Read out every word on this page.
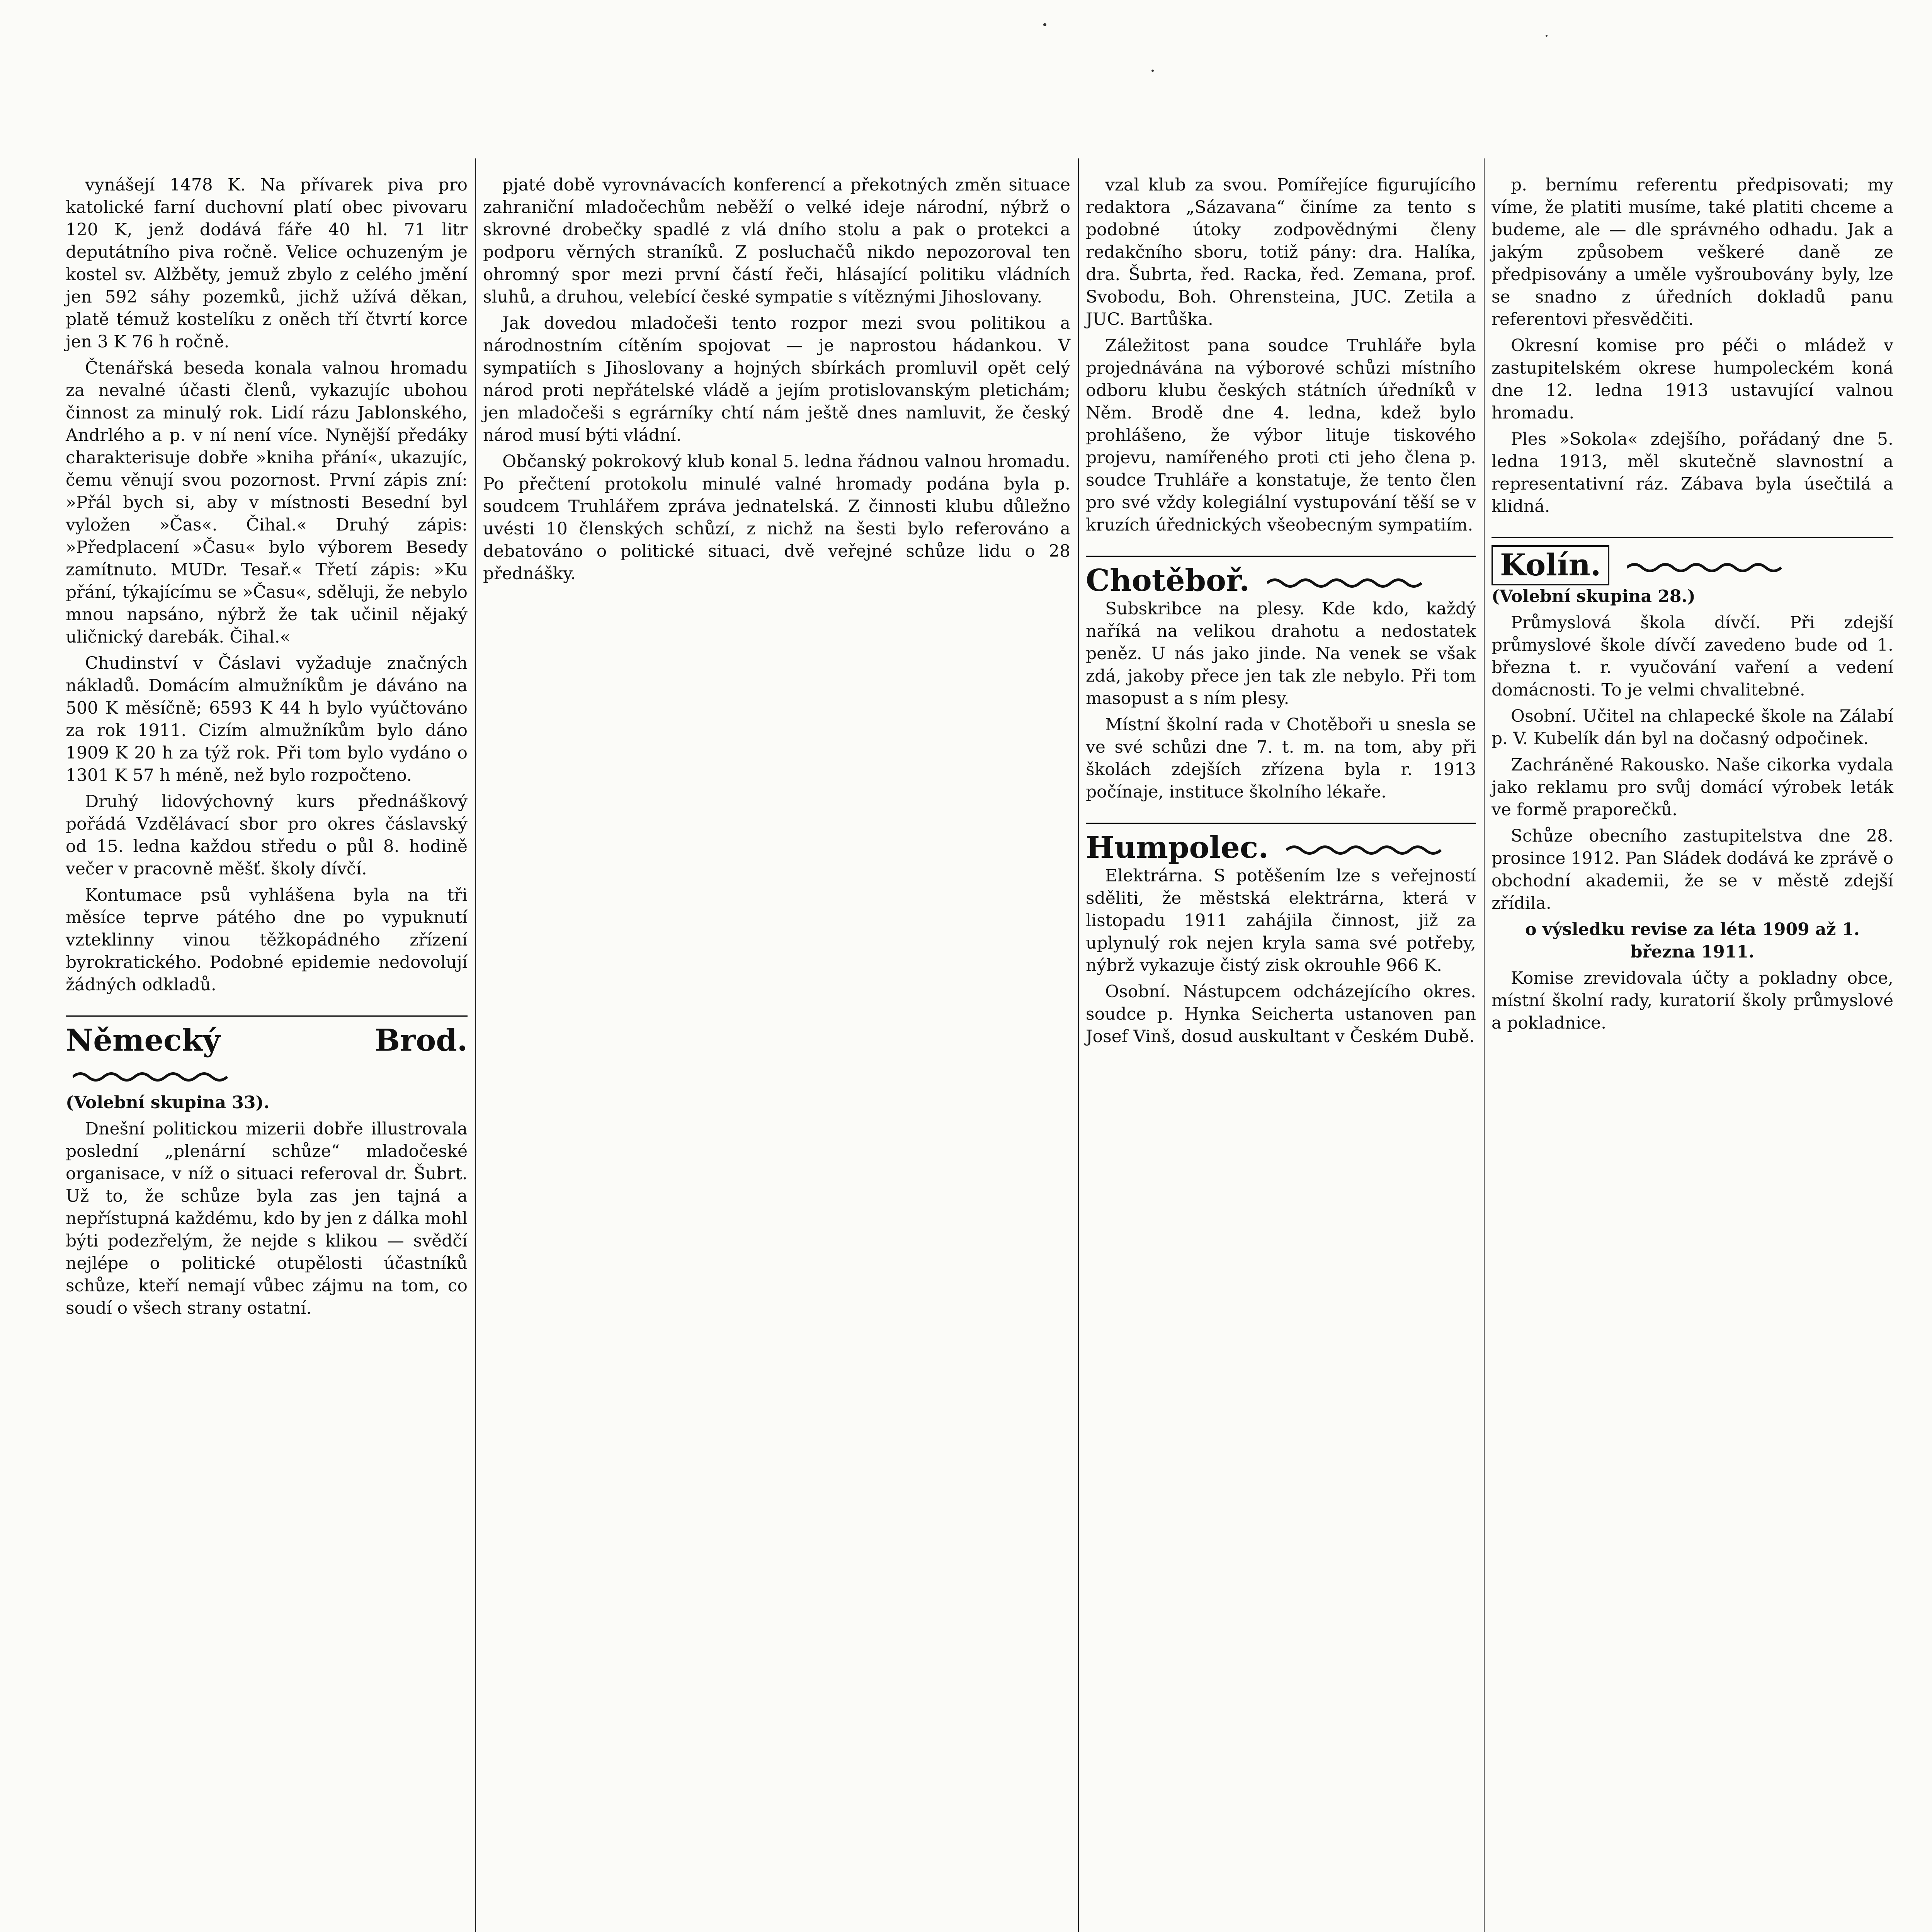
vynášejí 1478 K. Na přívarek piva pro katolické farní duchovní platí obec pivovaru 120 K, jenž dodává fáře 40 hl. 71 litr deputátního piva ročně. Velice ochuzeným je kostel sv. Alžběty, jemuž zbylo z celého jmění jen 592 sáhy pozemků, jichž užívá děkan, platě témuž kostelíku z oněch tří čtvrtí korce jen 3 K 76 h ročně.

Čtenářská beseda konala valnou hromadu za nevalné účasti členů, vykazujíc ubohou činnost za minulý rok. Lidí rázu Jablonského, Andrlého a p. v ní není více. Nynější předáky charakterisuje dobře »kniha přání«, ukazujíc, čemu věnují svou pozornost. První zápis zní: »Přál bych si, aby v místnosti Besední byl vyložen »Čas«. Čihal.« Druhý zápis: »Předplacení »Času« bylo výborem Besedy zamítnuto. MUDr. Tesař.« Třetí zápis: »Ku přání, týkajícímu se »Času«, sděluji, že nebylo mnou napsáno, nýbrž že tak učinil nějaký uličnický darebák. Čihal.«

Chudinství v Čáslavi vyžaduje značných nákladů. Domácím almužníkům je dáváno na 500 K měsíčně; 6593 K 44 h bylo vyúčtováno za rok 1911. Cizím almužníkům bylo dáno 1909 K 20 h za týž rok. Při tom bylo vydáno o 1301 K 57 h méně, než bylo rozpočteno.

Druhý lidovýchovný kurs přednáškový pořádá Vzdělávací sbor pro okres čáslavský od 15. ledna každou středu o půl 8. hodině večer v pracovně měšť. školy dívčí.

Kontumace psů vyhlášena byla na tři měsíce teprve pátého dne po vypuknutí vzteklinny vinou těžkopádného zřízení byrokratického. Podobné epidemie nedovolují žádných odkladů.

Německý Brod.

(Volební skupina 33).

Dnešní politickou mizerii dobře illustrovala poslední „plenární schůze“ mladočeské organisace, v níž o situaci referoval dr. Šubrt. Už to, že schůze byla zas jen tajná a nepřístupná každému, kdo by jen z dálka mohl býti podezřelým, že nejde s klikou — svědčí nejlépe o politické otupělosti účastníků schůze, kteří nemají vůbec zájmu na tom, co soudí o všech strany ostatní.

pjaté době vyrovnávacích konferencí a překotných změn situace zahraniční mladočechům neběží o velké ideje národní, nýbrž o skrovné drobečky spadlé z vlá dního stolu a pak o protekci a podporu věrných straníků. Z posluchačů nikdo nepozoroval ten ohromný spor mezi první částí řeči, hlásající politiku vládních sluhů, a druhou, velebící české sympatie s vítěznými Jihoslovany.

Jak dovedou mladočeši tento rozpor mezi svou politikou a národnostním cítěním spojovat — je naprostou hádankou. V sympatiích s Jihoslovany a hojných sbírkách promluvil opět celý národ proti nepřátelské vládě a jejím protislovanským pletichám; jen mladočeši s egrárníky chtí nám ještě dnes namluvit, že český národ musí býti vládní.

Občanský pokrokový klub konal 5. ledna řádnou valnou hromadu. Po přečtení protokolu minulé valné hromady podána byla p. soudcem Truhlářem zpráva jednatelská. Z činnosti klubu důležno uvésti 10 členských schůzí, z nichž na šesti bylo referováno a debatováno o politické situaci, dvě veřejné schůze lidu o 28 přednášky.

vzal klub za svou. Pomířejíce figurujícího redaktora „Sázavana“ činíme za tento s podobné útoky zodpovědnými členy redakčního sboru, totiž pány: dra. Halíka, dra. Šubrta, řed. Racka, řed. Zemana, prof. Svobodu, Boh. Ohrensteina, JUC. Zetila a JUC. Bartůška.

Záležitost pana soudce Truhláře byla projednávána na výborové schůzi místního odboru klubu českých státních úředníků v Něm. Brodě dne 4. ledna, kdež bylo prohlášeno, že výbor lituje tiskového projevu, namířeného proti cti jeho člena p. soudce Truhláře a konstatuje, že tento člen pro své vždy kolegiální vystupování těší se v kruzích úřednických všeobecným sympatiím.

Chotěboř.

Subskribce na plesy. Kde kdo, každý naříká na velikou drahotu a nedostatek peněz. U nás jako jinde. Na venek se však zdá, jakoby přece jen tak zle nebylo. Při tom masopust a s ním plesy.

Místní školní rada v Chotěboři u snesla se ve své schůzi dne 7. t. m. na tom, aby při školách zdejších zřízena byla r. 1913 počínaje, instituce školního lékaře.

Humpolec.

Elektrárna. S potěšením lze s veřejností sděliti, že městská elektrárna, která v listopadu 1911 zahájila činnost, již za uplynulý rok nejen kryla sama své potřeby, nýbrž vykazuje čistý zisk okrouhle 966 K.

Osobní. Nástupcem odcházejícího okres. soudce p. Hynka Seicherta ustanoven pan Josef Vinš, dosud auskultant v Českém Dubě.

p. bernímu referentu předpisovati; my víme, že platiti musíme, také platiti chceme a budeme, ale — dle správného odhadu. Jak a jakým způsobem veškeré daně ze předpisovány a uměle vyšroubovány byly, lze se snadno z úředních dokladů panu referentovi přesvědčiti.

Okresní komise pro péči o mládež v zastupitelském okrese humpoleckém koná dne 12. ledna 1913 ustavující valnou hromadu.

Ples »Sokola« zdejšího, pořádaný dne 5. ledna 1913, měl skutečně slavnostní a representativní ráz. Zábava byla úsečtilá a klidná.

Kolín.

(Volební skupina 28.)

Průmyslová škola dívčí. Při zdejší průmyslové škole dívčí zavedeno bude od 1. března t. r. vyučování vaření a vedení domácnosti. To je velmi chvalitebné.

Osobní. Učitel na chlapecké škole na Zálabí p. V. Kubelík dán byl na dočasný odpočinek.

Zachráněné Rakousko. Naše cikorka vydala jako reklamu pro svůj domácí výrobek leták ve formě praporečků.

Schůze obecního zastupitelstva dne 28. prosince 1912. Pan Sládek dodává ke zprávě o obchodní akademii, že se v městě zdejší zřídila.

o výsledku revise za léta 1909 až 1. března 1911.

Komise zrevidovala účty a pokladny obce, místní školní rady, kuratorií školy průmyslové a pokladnice.
